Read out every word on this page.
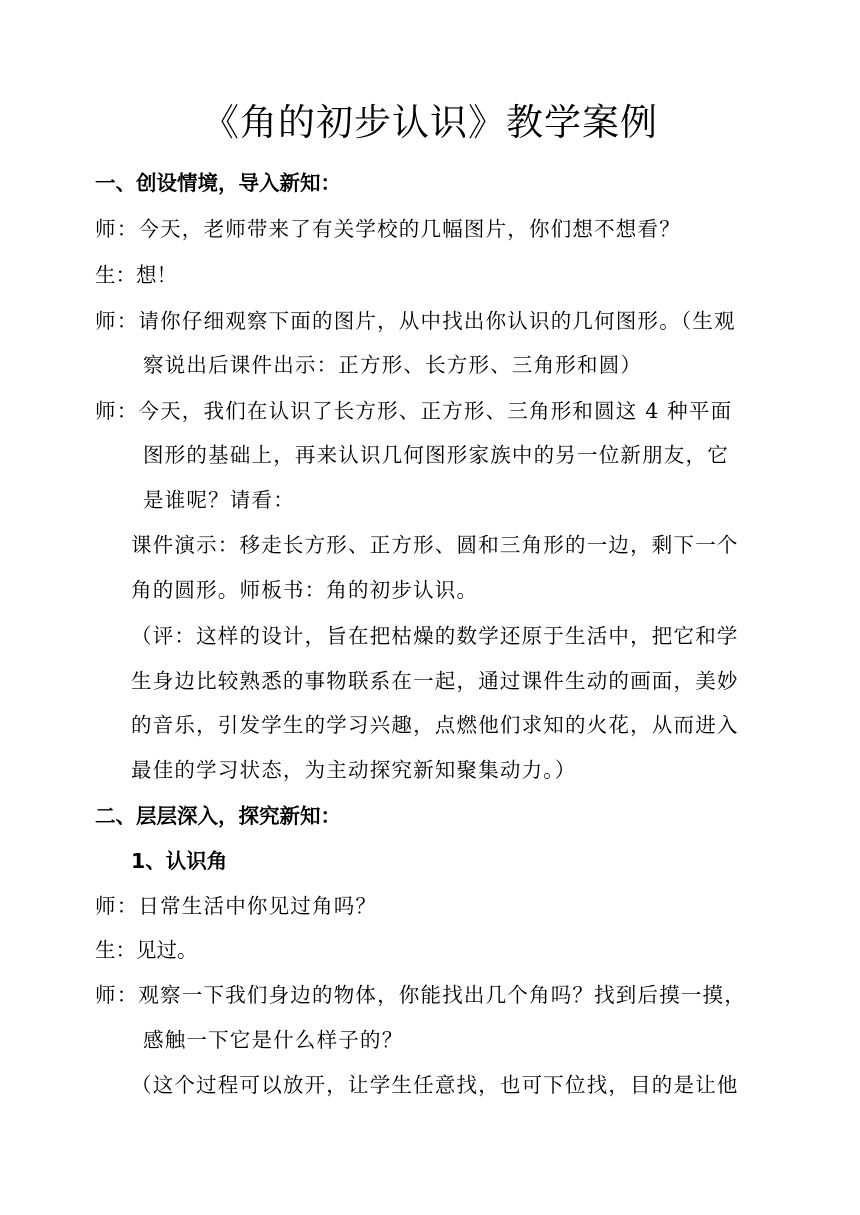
《角的初步认识》教学案例
一、创设情境，导入新知：
师：今天，老师带来了有关学校的几幅图片，你们想不想看？
生：想！
师：请你仔细观察下面的图片，从中找出你认识的几何图形。（生观
察说出后课件出示：正方形、长方形、三角形和圆）
师：今天，我们在认识了长方形、正方形、三角形和圆这 4 种平面
图形的基础上，再来认识几何图形家族中的另一位新朋友，它
是谁呢？请看：
课件演示：移走长方形、正方形、圆和三角形的一边，剩下一个
角的圆形。师板书：角的初步认识。
（评：这样的设计，旨在把枯燥的数学还原于生活中，把它和学
生身边比较熟悉的事物联系在一起，通过课件生动的画面，美妙
的音乐，引发学生的学习兴趣，点燃他们求知的火花，从而进入
最佳的学习状态，为主动探究新知聚集动力。）
二、层层深入，探究新知：
1、认识角
师：日常生活中你见过角吗？
生：见过。
师：观察一下我们身边的物体，你能找出几个角吗？找到后摸一摸，
感触一下它是什么样子的？
（这个过程可以放开，让学生任意找，也可下位找，目的是让他
